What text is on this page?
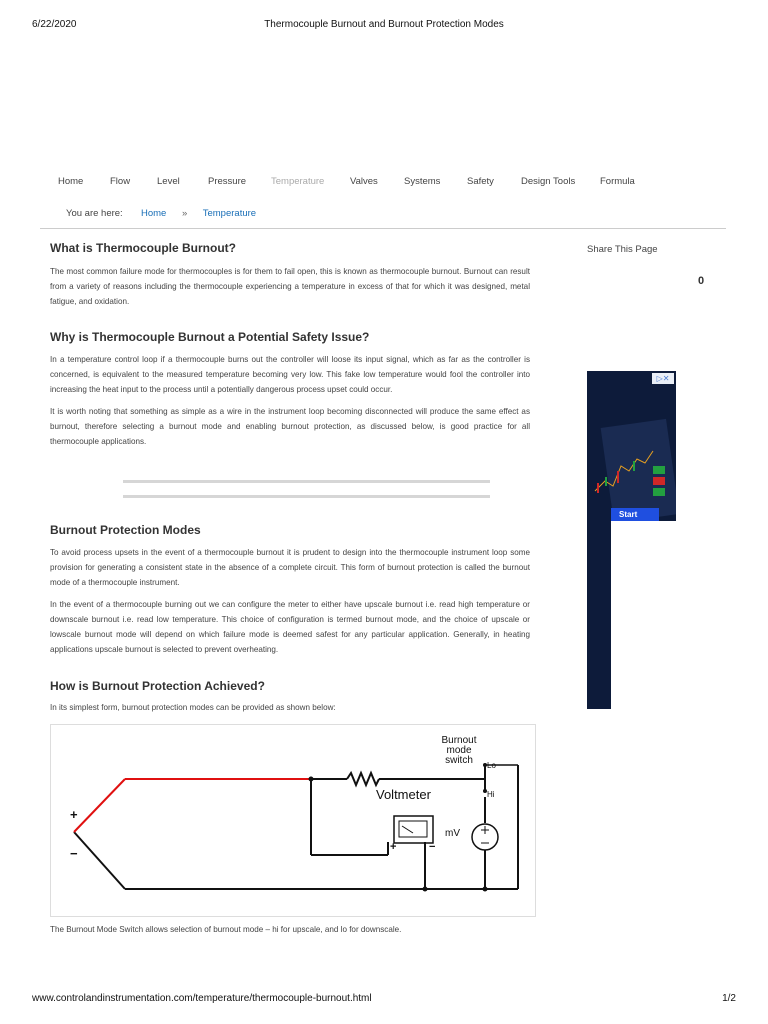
6/22/2020	Thermocouple Burnout and Burnout Protection Modes
Home	Flow	Level	Pressure	Temperature	Valves	Systems	Safety	Design Tools	Formula
You are here: Home » Temperature
What is Thermocouple Burnout?

The most common failure mode for thermocouples is for them to fail open, this is known as thermocouple burnout. Burnout can result from a variety of reasons including the thermocouple experiencing a temperature in excess of that for which it was designed, metal fatigue, and oxidation.

Why is Thermocouple Burnout a Potential Safety Issue?

In a temperature control loop if a thermocouple burns out the controller will loose its input signal, which as far as the controller is concerned, is equivalent to the measured temperature becoming very low. This fake low temperature would fool the controller into increasing the heat input to the process until a potentially dangerous process upset could occur.

It is worth noting that something as simple as a wire in the instrument loop becoming disconnected will produce the same effect as burnout, therefore selecting a burnout mode and enabling burnout protection, as discussed below, is good practice for all thermocouple applications.

Burnout Protection Modes

To avoid process upsets in the event of a thermocouple burnout it is prudent to design into the thermocouple instrument loop some provision for generating a consistent state in the absence of a complete circuit. This form of burnout protection is called the burnout mode of a thermocouple instrument.

In the event of a thermocouple burning out we can configure the meter to either have upscale burnout i.e. read high temperature or downscale burnout i.e. read low temperature. This choice of configuration is termed burnout mode, and the choice of upscale or lowscale burnout mode will depend on which failure mode is deemed safest for any particular application. Generally, in heating applications upscale burnout is selected to prevent overheating.

How is Burnout Protection Achieved?

In its simplest form, burnout protection modes can be provided as shown below:

Burnout
mode
switch	Lo
Hi
Voltmeter
mV
+	−
+
−
The Burnout Mode Switch allows selection of burnout mode – hi for upscale, and lo for downscale.
Share This Page
0
▷✕
Start
www.controlandinstrumentation.com/temperature/thermocouple-burnout.html	1/2
